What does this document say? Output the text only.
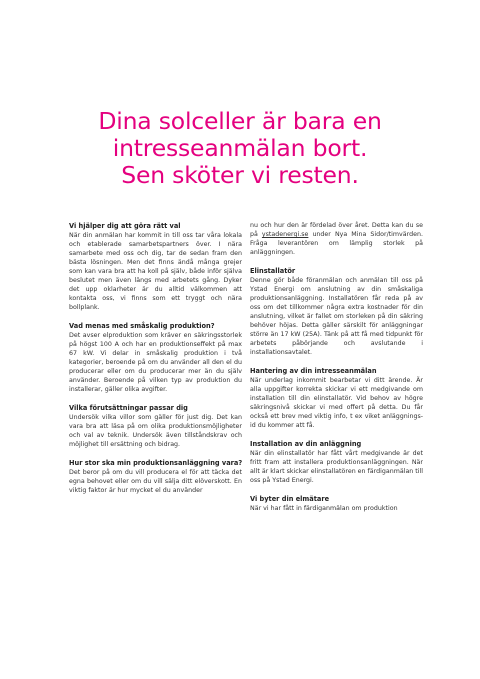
Dina solceller är bara en
intresseanmälan bort.
Sen sköter vi resten.
Vi hjälper dig att göra rätt val
När din anmälan har kommit in till oss tar våra lokala och etablerade samarbetspartners över. I nära samarbete med oss och dig, tar de sedan fram den bästa lösningen. Men det finns ändå många grejer som kan vara bra att ha koll på själv, både inför själva beslutet men även längs med arbetets gång. Dyker det upp oklarheter är du alltid välkommen att kontakta oss, vi finns som ett tryggt och nära bollplank.
Vad menas med småskalig produktion?
Det avser elproduktion som kräver en säkringsstorlek på högst 100 A och har en produktionseffekt på max 67 kW. Vi delar in småskalig produktion i två kategorier, beroende på om du använder all den el du producerar eller om du producerar mer än du själv använder. Beroende på vilken typ av produktion du installerar, gäller olika avgifter.
Vilka förutsättningar passar dig
Undersök vilka villor som gäller för just dig. Det kan vara bra att läsa på om olika produktionsmöjligheter och val av teknik. Undersök även tillståndskrav och möjlighet till ersättning och bidrag.
Hur stor ska min produktionsanläggning vara?
Det beror på om du vill producera el för att täcka det egna behovet eller om du vill sälja ditt elöverskott. En viktig faktor är hur mycket el du använder
nu och hur den är fördelad över året. Detta kan du se på ystadenergi.se under Nya Mina Sidor/timvärden. Fråga leverantören om lämplig storlek på anläggningen.
Elinstallatör
Denne gör både föranmälan och anmälan till oss på Ystad Energi om anslutning av din småskaliga produktionsanläggning. Installatören får reda på av oss om det tillkommer några extra kostnader för din anslutning, vilket är fallet om storleken på din säkring behöver höjas. Detta gäller särskilt för anläggningar större än 17 kW (25A). Tänk på att få med tidpunkt för arbetets påbörjande och avslutande i installationsavtalet.
Hantering av din intresseanmälan
När underlag inkommit bearbetar vi ditt ärende. Är alla uppgifter korrekta skickar vi ett medgivande om installation till din elinstallatör. Vid behov av högre säkringsnivå skickar vi med offert på detta. Du får också ett brev med viktig info, t ex viket anläggnings-id du kommer att få.
Installation av din anläggning
När din elinstallatör har fått vårt medgivande är det fritt fram att installera produktionsanläggningen. När allt är klart skickar elinstallatören en färdiganmälan till oss på Ystad Energi.
Vi byter din elmätare
När vi har fått in färdiganmälan om produktion
